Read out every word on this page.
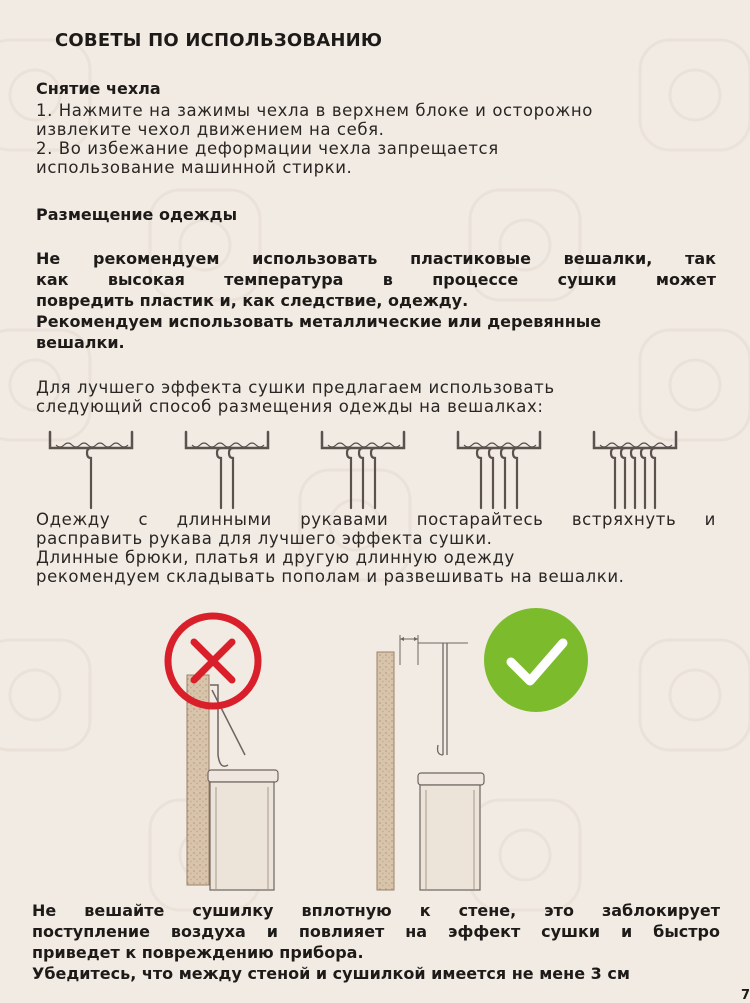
СОВЕТЫ ПО ИСПОЛЬЗОВАНИЮ
Снятие чехла
1. Нажмите на зажимы чехла в верхнем блоке и осторожно
извлеките чехол движением на себя.
2. Во избежание деформации чехла запрещается
использование машинной стирки.
Размещение одежды
Не рекомендуем использовать пластиковые вешалки, так
как высокая температура в процессе сушки может
повредить пластик и, как следствие, одежду.
Рекомендуем использовать металлические или деревянные
вешалки.
Для лучшего эффекта сушки предлагаем использовать
следующий способ размещения одежды на вешалках:
Одежду с длинными рукавами постарайтесь встряхнуть и
расправить рукава для лучшего эффекта сушки.
Длинные брюки, платья и другую длинную одежду
рекомендуем складывать пополам и развешивать на вешалки.
Не вешайте сушилку вплотную к стене, это заблокирует
поступление воздуха и повлияет на эффект сушки и быстро
приведет к повреждению прибора.
Убедитесь, что между стеной и сушилкой имеется не мене 3 см
7
